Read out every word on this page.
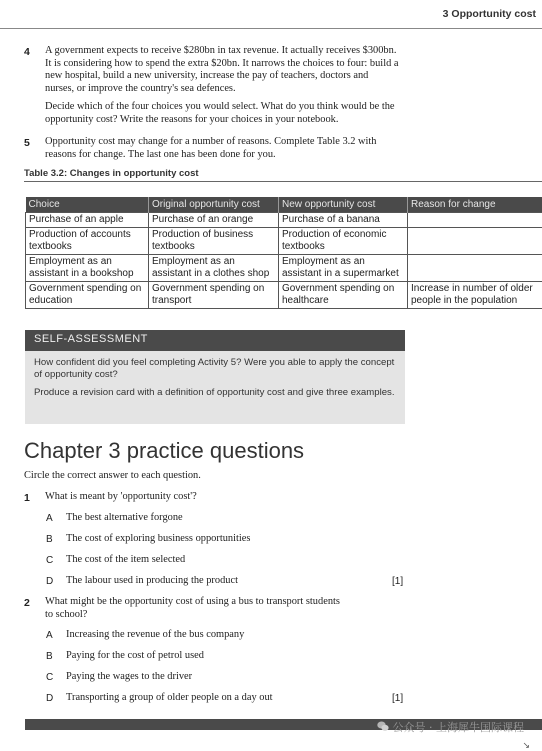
3 Opportunity cost
4 A government expects to receive $280bn in tax revenue. It actually receives $300bn. It is considering how to spend the extra $20bn. It narrows the choices to four: build a new hospital, build a new university, increase the pay of teachers, doctors and nurses, or improve the country's sea defences.
Decide which of the four choices you would select. What do you think would be the opportunity cost? Write the reasons for your choices in your notebook.
5 Opportunity cost may change for a number of reasons. Complete Table 3.2 with reasons for change. The last one has been done for you.
Table 3.2: Changes in opportunity cost
Choice	Original opportunity cost	New opportunity cost	Reason for change
Purchase of an apple	Purchase of an orange	Purchase of a banana	
Production of accounts textbooks	Production of business textbooks	Production of economic textbooks	
Employment as an assistant in a bookshop	Employment as an assistant in a clothes shop	Employment as an assistant in a supermarket	
Government spending on education	Government spending on transport	Government spending on healthcare	Increase in number of older people in the population
SELF-ASSESSMENT
How confident did you feel completing Activity 5? Were you able to apply the concept of opportunity cost?
Produce a revision card with a definition of opportunity cost and give three examples.
Chapter 3 practice questions
Circle the correct answer to each question.
1 What is meant by 'opportunity cost'?
A The best alternative forgone
B The cost of exploring business opportunities
C The cost of the item selected
D The labour used in producing the product	[1]
2 What might be the opportunity cost of using a bus to transport students
to school?
A Increasing the revenue of the bus company
B Paying for the cost of petrol used
C Paying the wages to the driver
D Transporting a group of older people on a day out	[1]
公众号 · 上海犀牛国际课程
↘
